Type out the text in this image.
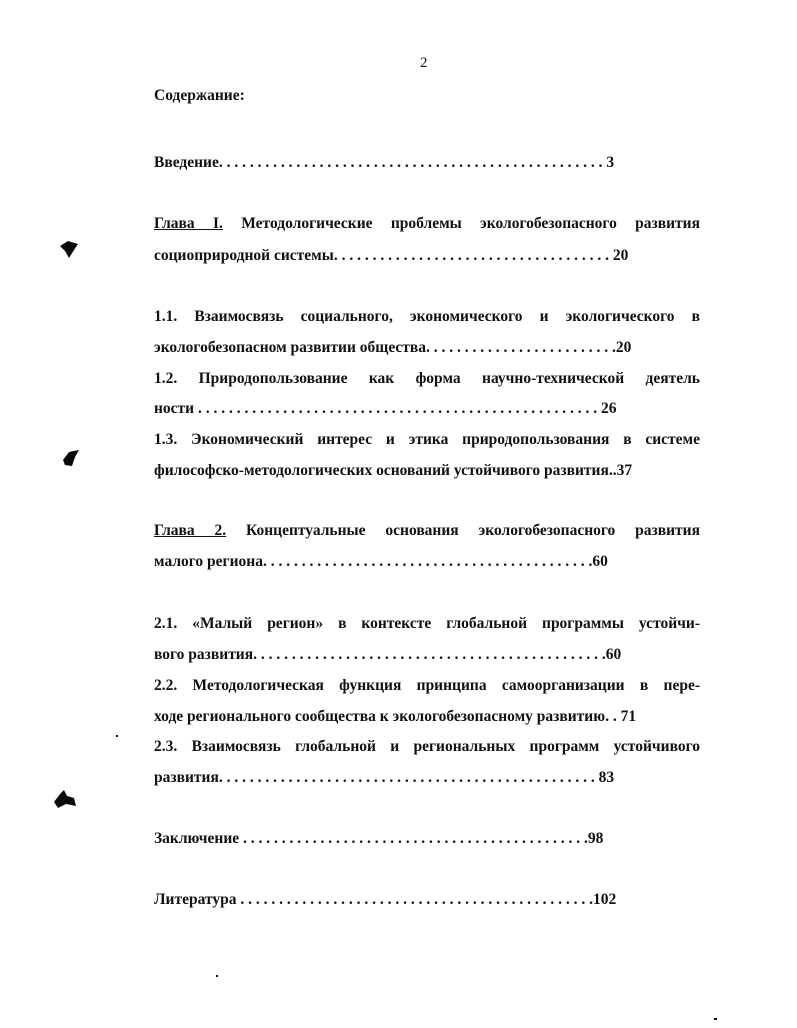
2
Содержание:
Введение. . . . . . . . . . . . . . . . . . . . . . . . . . . . . . . . . . . . . . . . . . . . . . . . . . 3
Глава I. Методологические проблемы экологобезопасного развития
социоприродной системы. . . . . . . . . . . . . . . . . . . . . . . . . . . . . . . . . . . . 20
1.1. Взаимосвязь социального, экономического и экологического в
экологобезопасном развитии общества. . . . . . . . . . . . . . . . . . . . . . . . .20
1.2. Природопользование как форма научно-технической деятель
ности . . . . . . . . . . . . . . . . . . . . . . . . . . . . . . . . . . . . . . . . . . . . . . . . . . . . 26
1.3. Экономический интерес и этика природопользования в системе
философско-методологических оснований устойчивого развития..37
Глава 2. Концептуальные основания экологобезопасного развития
малого региона. . . . . . . . . . . . . . . . . . . . . . . . . . . . . . . . . . . . . . . . . . .60
2.1. «Малый регион» в контексте глобальной программы устойчи-
вого развития. . . . . . . . . . . . . . . . . . . . . . . . . . . . . . . . . . . . . . . . . . . . . .60
2.2. Методологическая функция принципа самоорганизации в пере-
ходе регионального сообщества к экологобезопасному развитию. . 71
2.3. Взаимосвязь глобальной и региональных программ устойчивого
развития. . . . . . . . . . . . . . . . . . . . . . . . . . . . . . . . . . . . . . . . . . . . . . . . . 83
Заключение . . . . . . . . . . . . . . . . . . . . . . . . . . . . . . . . . . . . . . . . . . . . .98
Литература . . . . . . . . . . . . . . . . . . . . . . . . . . . . . . . . . . . . . . . . . . . . . .102
